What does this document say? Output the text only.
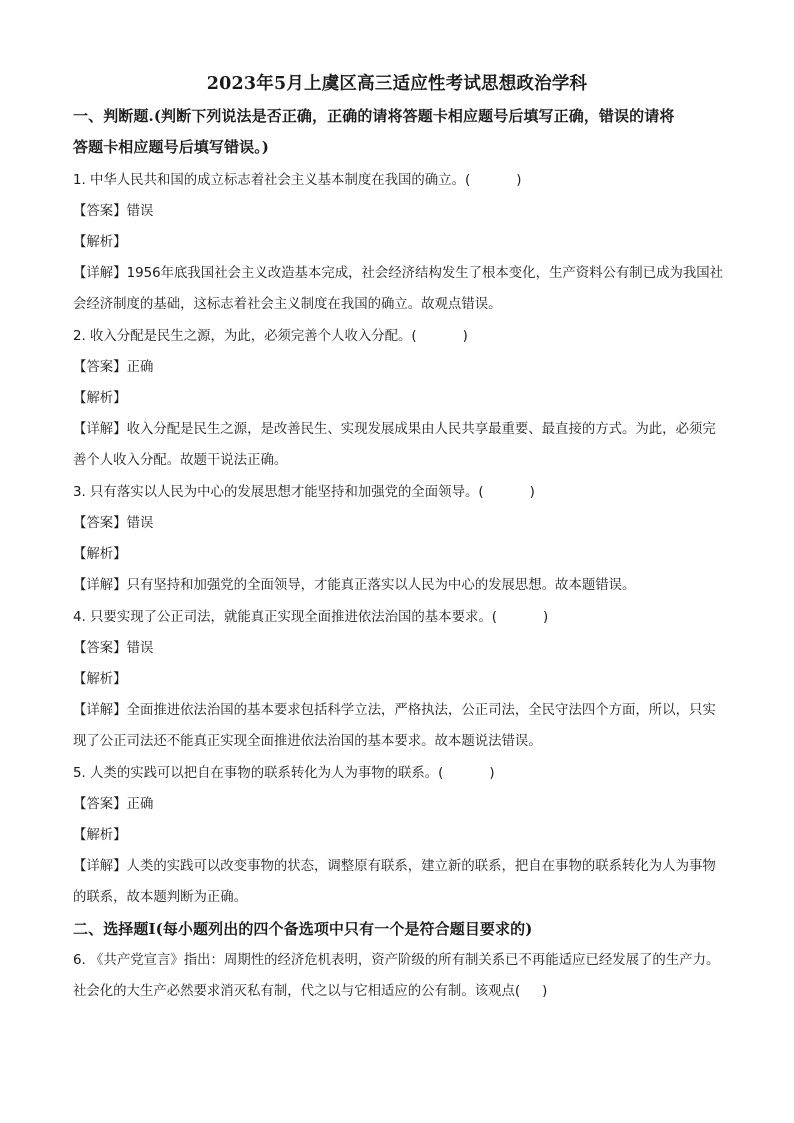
2023年5月上虞区高三适应性考试思想政治学科
一、判断题.(判断下列说法是否正确，正确的请将答题卡相应题号后填写正确，错误的请将
答题卡相应题号后填写错误。)
1. 中华人民共和国的成立标志着社会主义基本制度在我国的确立。(	)
【答案】错误
【解析】
【详解】1956年底我国社会主义改造基本完成，社会经济结构发生了根本变化，生产资料公有制已成为我国社会经济制度的基础，这标志着社会主义制度在我国的确立。故观点错误。
2. 收入分配是民生之源，为此，必须完善个人收入分配。(	)
【答案】正确
【解析】
【详解】收入分配是民生之源，是改善民生、实现发展成果由人民共享最重要、最直接的方式。为此，必须完善个人收入分配。故题干说法正确。
3. 只有落实以人民为中心的发展思想才能坚持和加强党的全面领导。(	)
【答案】错误
【解析】
【详解】只有坚持和加强党的全面领导，才能真正落实以人民为中心的发展思想。故本题错误。
4. 只要实现了公正司法，就能真正实现全面推进依法治国的基本要求。(	)
【答案】错误
【解析】
【详解】全面推进依法治国的基本要求包括科学立法，严格执法，公正司法，全民守法四个方面，所以，只实现了公正司法还不能真正实现全面推进依法治国的基本要求。故本题说法错误。
5. 人类的实践可以把自在事物的联系转化为人为事物的联系。(	)
【答案】正确
【解析】
【详解】人类的实践可以改变事物的状态，调整原有联系，建立新的联系，把自在事物的联系转化为人为事物的联系，故本题判断为正确。
二、选择题Ⅰ(每小题列出的四个备选项中只有一个是符合题目要求的)
6. 《共产党宣言》指出：周期性的经济危机表明，资产阶级的所有制关系已不再能适应已经发展了的生产力。社会化的大生产必然要求消灭私有制，代之以与它相适应的公有制。该观点( )
